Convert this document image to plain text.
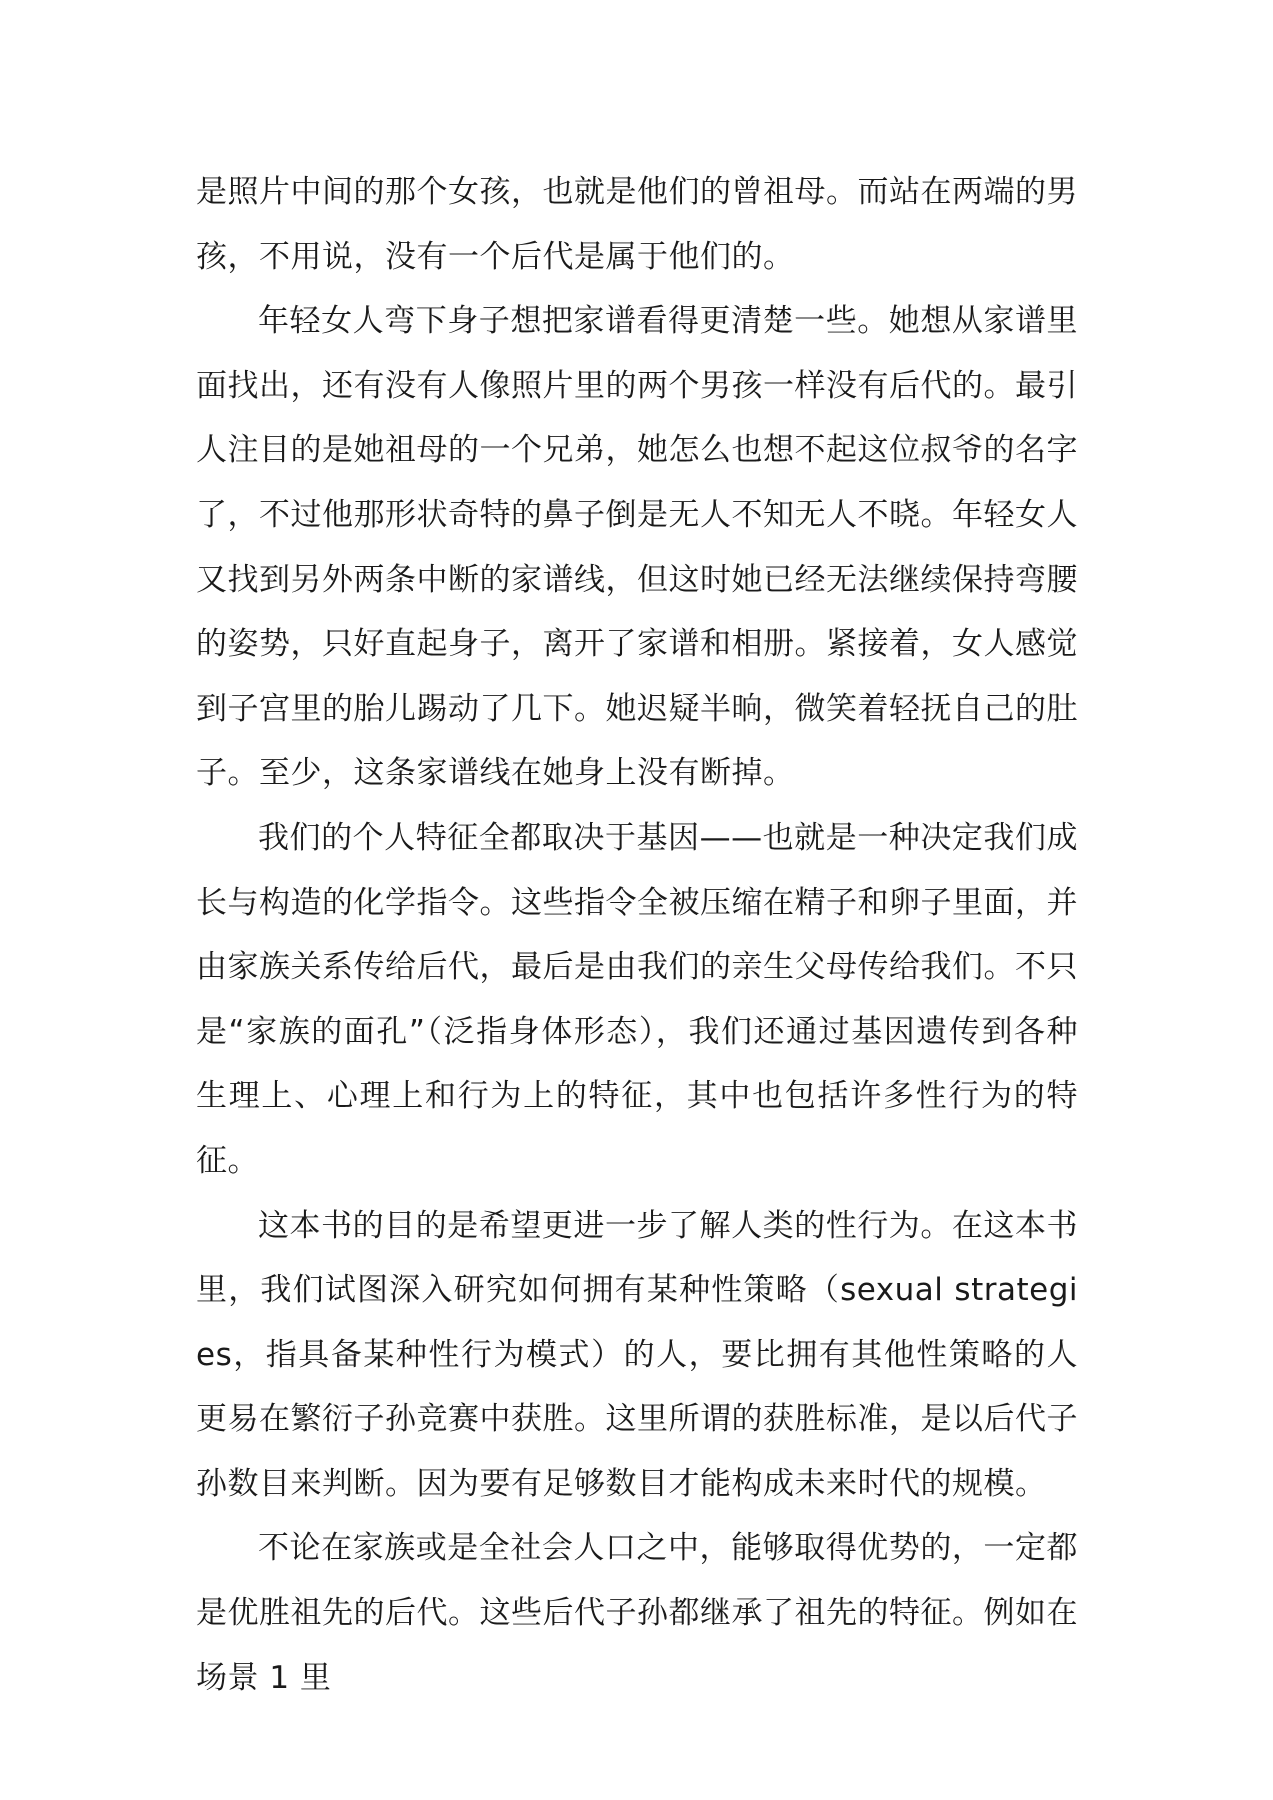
是照片中间的那个女孩，也就是他们的曾祖母。而站在两端的男孩，不用说，没有一个后代是属于他们的。

年轻女人弯下身子想把家谱看得更清楚一些。她想从家谱里面找出，还有没有人像照片里的两个男孩一样没有后代的。最引人注目的是她祖母的一个兄弟，她怎么也想不起这位叔爷的名字了，不过他那形状奇特的鼻子倒是无人不知无人不晓。年轻女人又找到另外两条中断的家谱线，但这时她已经无法继续保持弯腰的姿势，只好直起身子，离开了家谱和相册。紧接着，女人感觉到子宫里的胎儿踢动了几下。她迟疑半晌，微笑着轻抚自己的肚子。至少，这条家谱线在她身上没有断掉。

我们的个人特征全都取决于基因——也就是一种决定我们成长与构造的化学指令。这些指令全被压缩在精子和卵子里面，并由家族关系传给后代，最后是由我们的亲生父母传给我们。不只是“家族的面孔”（泛指身体形态），我们还通过基因遗传到各种生理上、心理上和行为上的特征，其中也包括许多性行为的特征。

这本书的目的是希望更进一步了解人类的性行为。在这本书里，我们试图深入研究如何拥有某种性策略（sexual strategies，指具备某种性行为模式）的人，要比拥有其他性策略的人更易在繁衍子孙竞赛中获胜。这里所谓的获胜标准，是以后代子孙数目来判断。因为要有足够数目才能构成未来时代的规模。

不论在家族或是全社会人口之中，能够取得优势的，一定都是优胜祖先的后代。这些后代子孙都继承了祖先的特征。例如在场景 1 里
